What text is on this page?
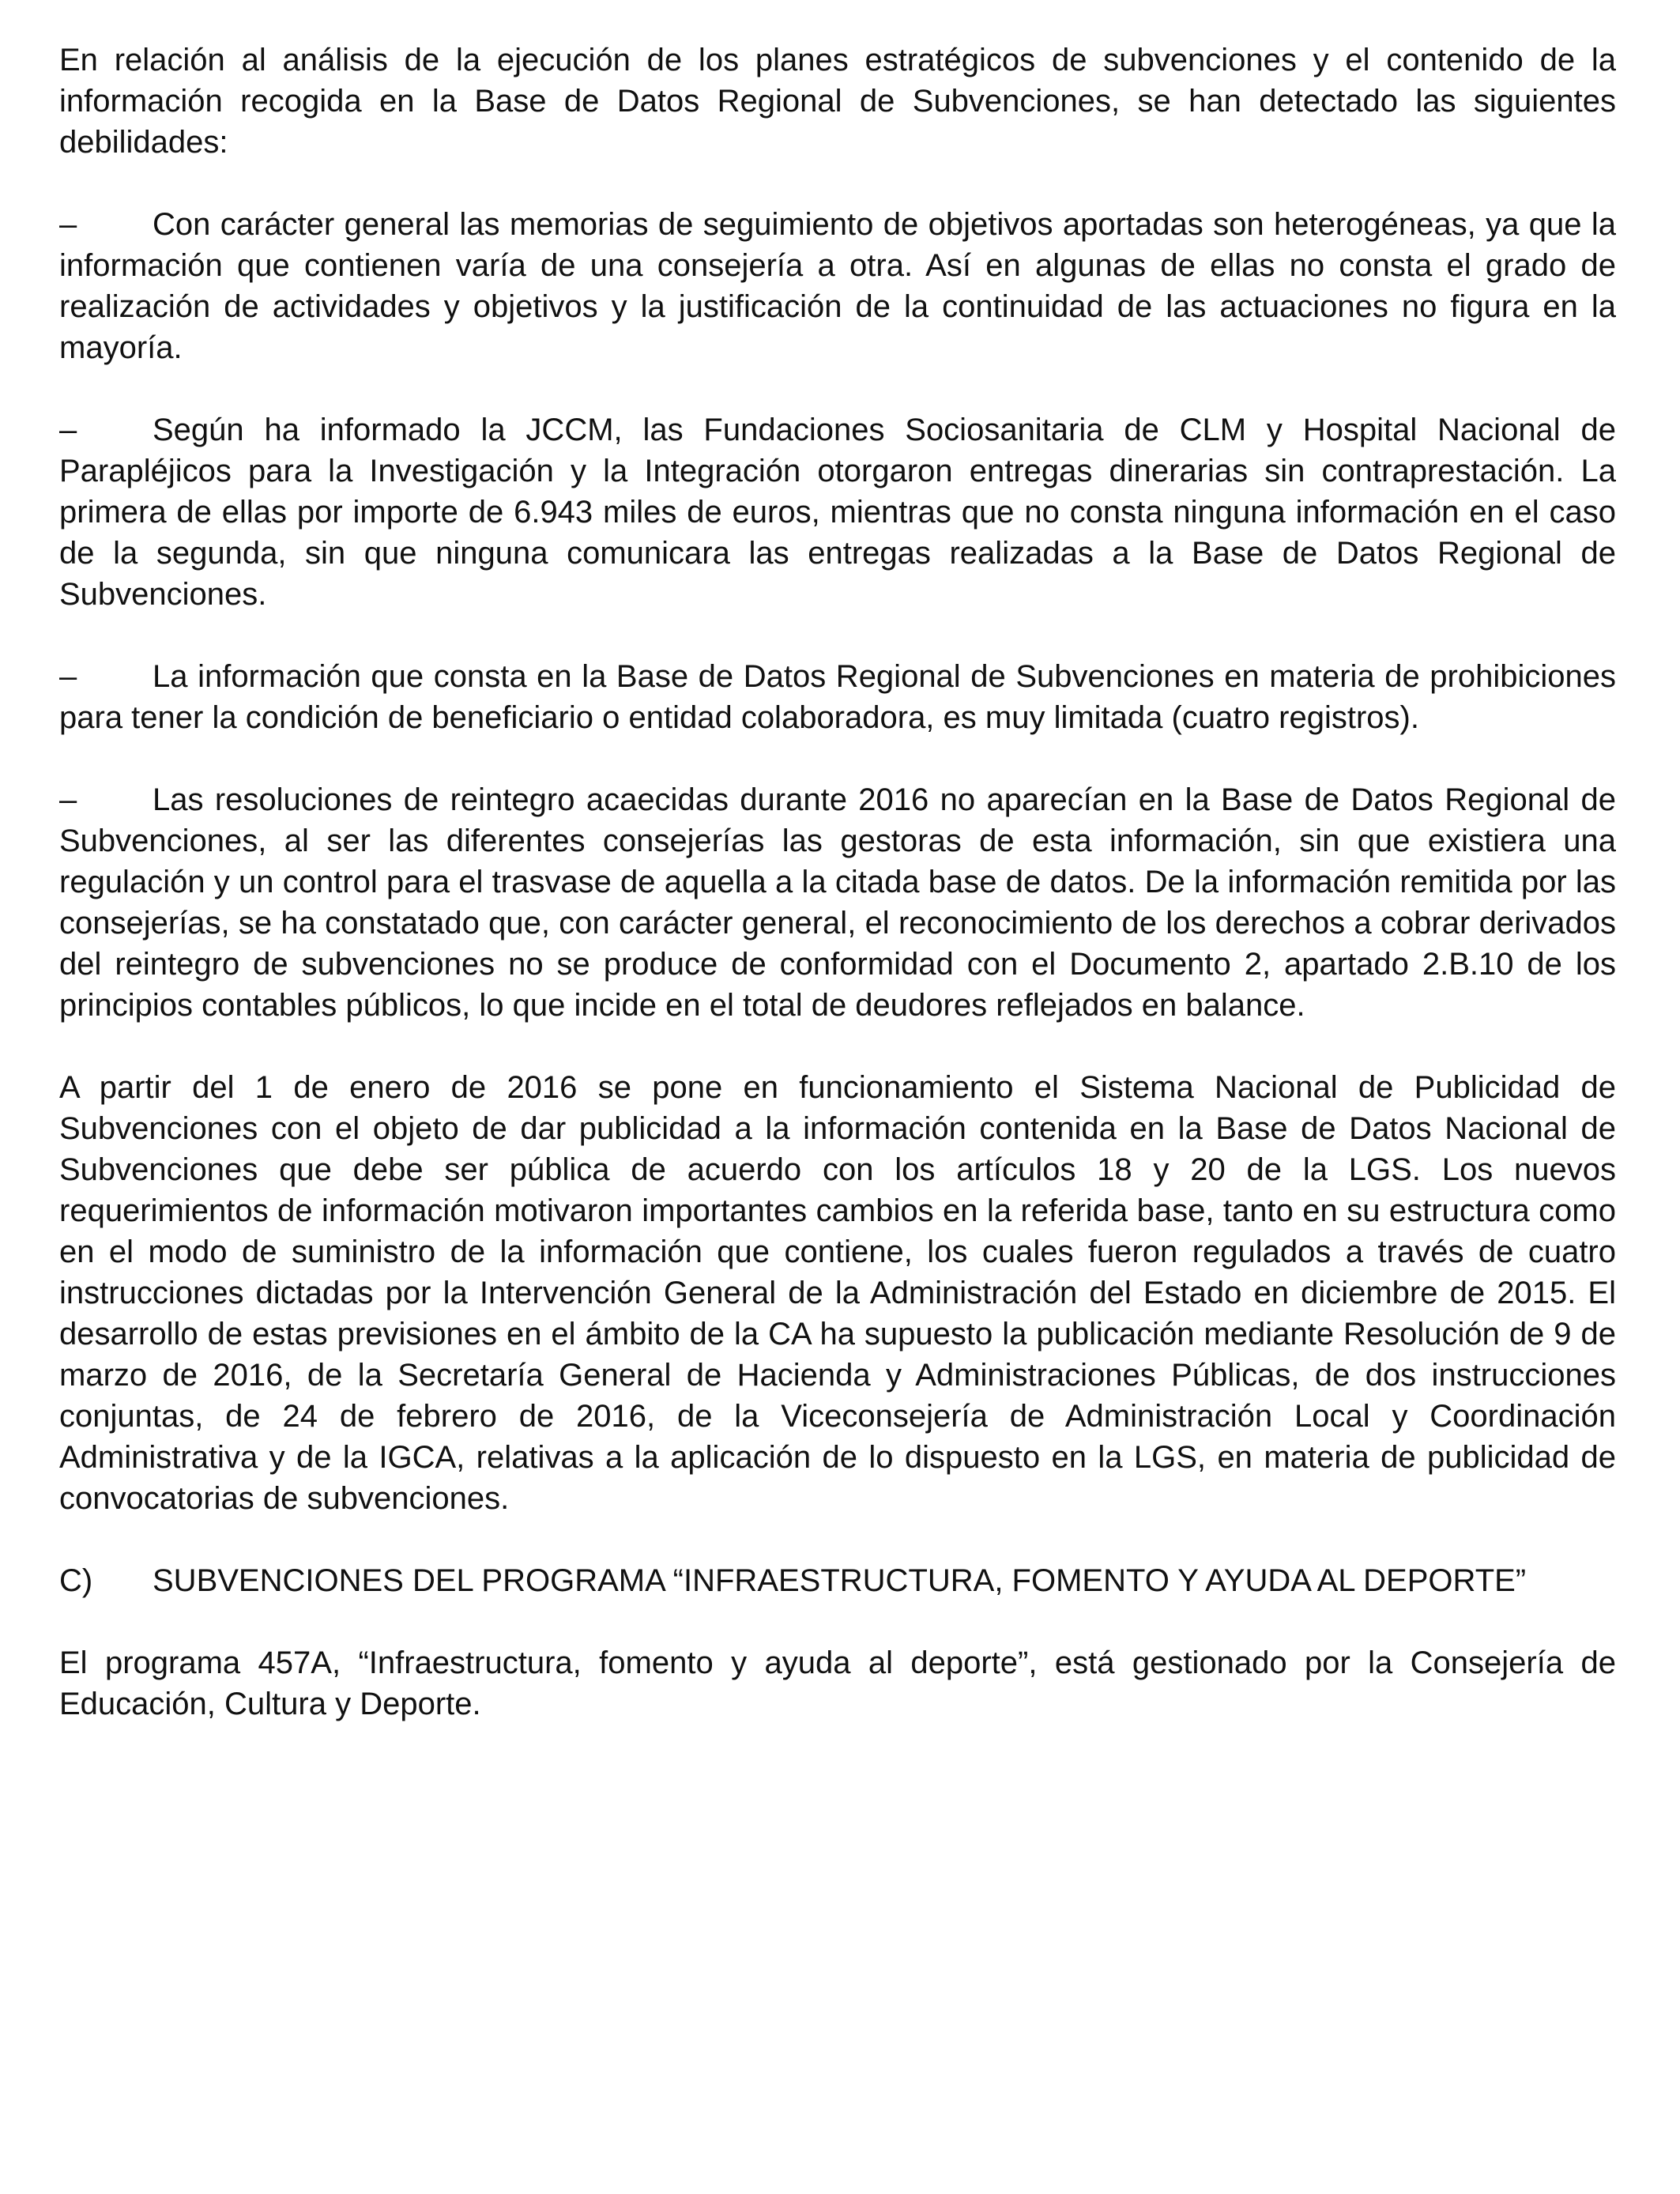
En relación al análisis de la ejecución de los planes estratégicos de subvenciones y el contenido de la información recogida en la Base de Datos Regional de Subvenciones, se han detectado las siguientes debilidades:

– Con carácter general las memorias de seguimiento de objetivos aportadas son heterogéneas, ya que la información que contienen varía de una consejería a otra. Así en algunas de ellas no consta el grado de realización de actividades y objetivos y la justificación de la continuidad de las actuaciones no figura en la mayoría.

– Según ha informado la JCCM, las Fundaciones Sociosanitaria de CLM y Hospital Nacional de Parapléjicos para la Investigación y la Integración otorgaron entregas dinerarias sin contraprestación. La primera de ellas por importe de 6.943 miles de euros, mientras que no consta ninguna información en el caso de la segunda, sin que ninguna comunicara las entregas realizadas a la Base de Datos Regional de Subvenciones.

– La información que consta en la Base de Datos Regional de Subvenciones en materia de prohibiciones para tener la condición de beneficiario o entidad colaboradora, es muy limitada (cuatro registros).

– Las resoluciones de reintegro acaecidas durante 2016 no aparecían en la Base de Datos Regional de Subvenciones, al ser las diferentes consejerías las gestoras de esta información, sin que existiera una regulación y un control para el trasvase de aquella a la citada base de datos. De la información remitida por las consejerías, se ha constatado que, con carácter general, el reconocimiento de los derechos a cobrar derivados del reintegro de subvenciones no se produce de conformidad con el Documento 2, apartado 2.B.10 de los principios contables públicos, lo que incide en el total de deudores reflejados en balance.

A partir del 1 de enero de 2016 se pone en funcionamiento el Sistema Nacional de Publicidad de Subvenciones con el objeto de dar publicidad a la información contenida en la Base de Datos Nacional de Subvenciones que debe ser pública de acuerdo con los artículos 18 y 20 de la LGS. Los nuevos requerimientos de información motivaron importantes cambios en la referida base, tanto en su estructura como en el modo de suministro de la información que contiene, los cuales fueron regulados a través de cuatro instrucciones dictadas por la Intervención General de la Administración del Estado en diciembre de 2015. El desarrollo de estas previsiones en el ámbito de la CA ha supuesto la publicación mediante Resolución de 9 de marzo de 2016, de la Secretaría General de Hacienda y Administraciones Públicas, de dos instrucciones conjuntas, de 24 de febrero de 2016, de la Viceconsejería de Administración Local y Coordinación Administrativa y de la IGCA, relativas a la aplicación de lo dispuesto en la LGS, en materia de publicidad de convocatorias de subvenciones.

C)	SUBVENCIONES DEL PROGRAMA “INFRAESTRUCTURA, FOMENTO Y AYUDA AL DEPORTE”

El programa 457A, “Infraestructura, fomento y ayuda al deporte”, está gestionado por la Consejería de Educación, Cultura y Deporte.
